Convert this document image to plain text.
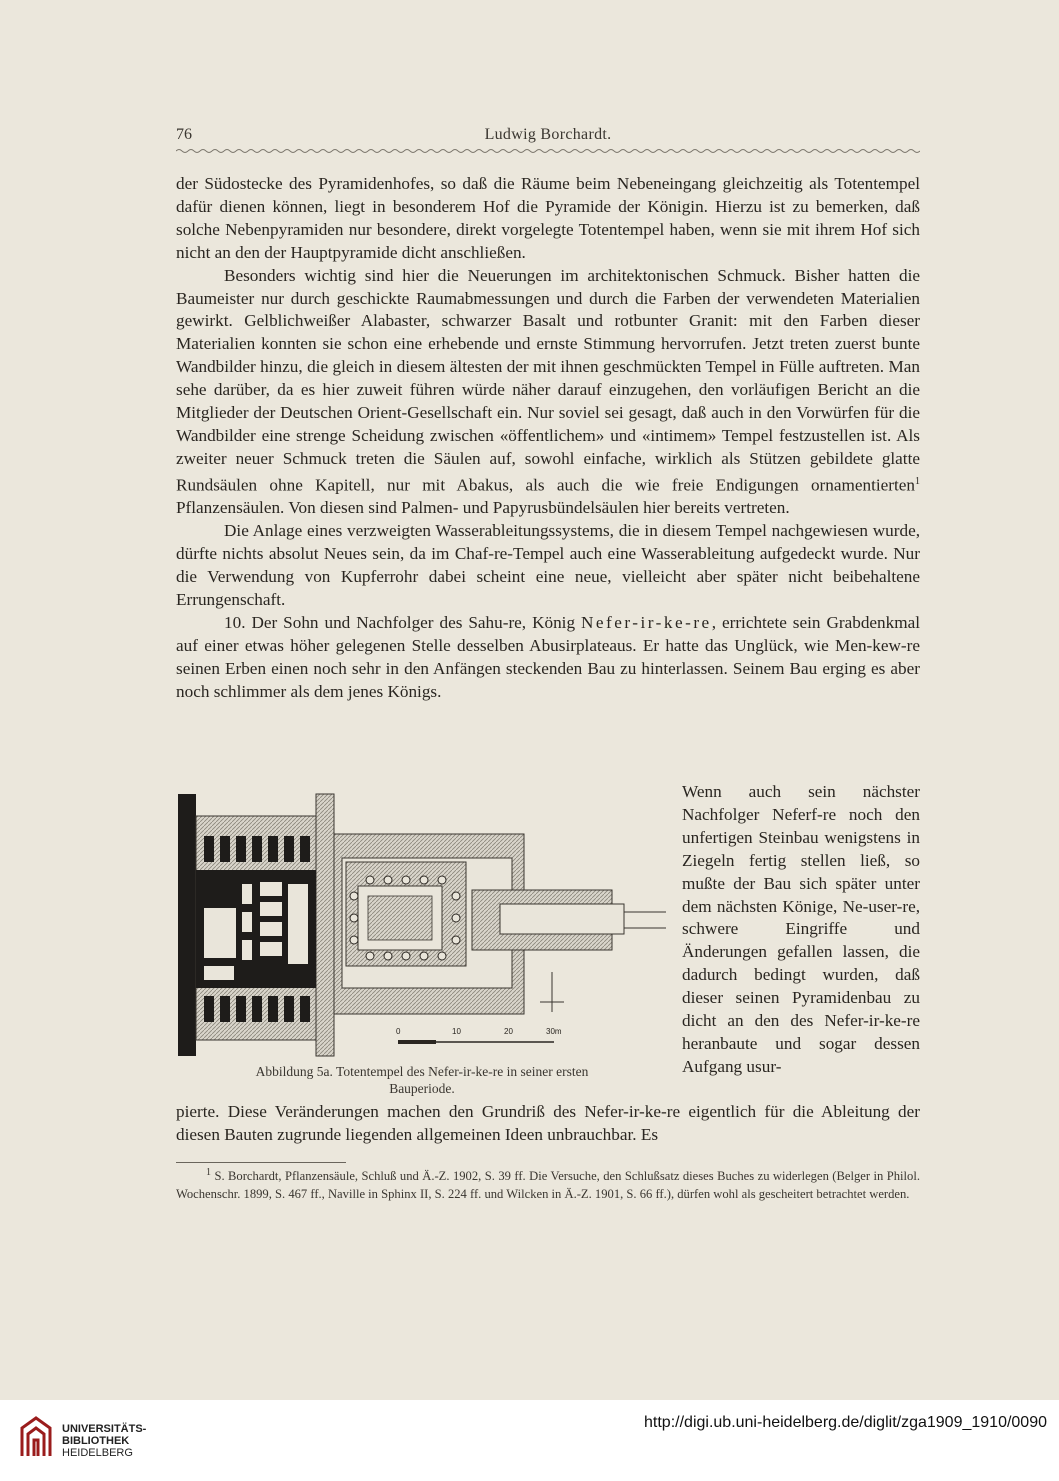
76	Ludwig Borchardt.

der Südostecke des Pyramidenhofes, so daß die Räume beim Nebeneingang gleichzeitig als Totentempel dafür dienen können, liegt in besonderem Hof die Pyramide der Königin. Hierzu ist zu bemerken, daß solche Nebenpyramiden nur besondere, direkt vorgelegte Totentempel haben, wenn sie mit ihrem Hof sich nicht an den der Hauptpyramide dicht anschließen.

Besonders wichtig sind hier die Neuerungen im architektonischen Schmuck. Bisher hatten die Baumeister nur durch geschickte Raumabmessungen und durch die Farben der verwendeten Materialien gewirkt. Gelblichweißer Alabaster, schwarzer Basalt und rotbunter Granit: mit den Farben dieser Materialien konnten sie schon eine erhebende und ernste Stimmung hervorrufen. Jetzt treten zuerst bunte Wandbilder hinzu, die gleich in diesem ältesten der mit ihnen geschmückten Tempel in Fülle auftreten. Man sehe darüber, da es hier zuweit führen würde näher darauf einzugehen, den vorläufigen Bericht an die Mitglieder der Deutschen Orient-Gesellschaft ein. Nur soviel sei gesagt, daß auch in den Vorwürfen für die Wandbilder eine strenge Scheidung zwischen «öffentlichem» und «intimem» Tempel festzustellen ist. Als zweiter neuer Schmuck treten die Säulen auf, sowohl einfache, wirklich als Stützen gebildete glatte Rundsäulen ohne Kapitell, nur mit Abakus, als auch die wie freie Endigungen ornamentierten$^1$ Pflanzensäulen. Von diesen sind Palmen- und Papyrusbündelsäulen hier bereits vertreten.

Die Anlage eines verzweigten Wasserableitungssystems, die in diesem Tempel nachgewiesen wurde, dürfte nichts absolut Neues sein, da im Chaf-re-Tempel auch eine Wasserableitung aufgedeckt wurde. Nur die Verwendung von Kupferrohr dabei scheint eine neue, vielleicht aber später nicht beibehaltene Errungenschaft.

10. Der Sohn und Nachfolger des Sahu-re, König Nefer-ir-ke-re, errichtete sein Grabdenkmal auf einer etwas höher gelegenen Stelle desselben Abusirplateaus. Er hatte das Unglück, wie Men-kew-re seinen Erben einen noch sehr in den Anfängen steckenden Bau zu hinterlassen. Seinem Bau erging es aber noch schlimmer als dem jenes Königs.

Wenn auch sein nächster Nachfolger Neferf-re noch den unfertigen Steinbau wenigstens in Ziegeln fertig stellen ließ, so mußte der Bau sich später unter dem nächsten Könige, Ne-user-re, schwere Eingriffe und Änderungen gefallen lassen, die dadurch bedingt wurden, daß dieser seinen Pyramidenbau zu dicht an den des Nefer-ir-ke-re heranbaute und sogar dessen Aufgang usur-

0	10	20	30m
Abbildung 5a. Totentempel des Nefer-ir-ke-re in seiner ersten Bauperiode.

pierte. Diese Veränderungen machen den Grundriß des Nefer-ir-ke-re eigentlich für die Ableitung der diesen Bauten zugrunde liegenden allgemeinen Ideen unbrauchbar. Es

$^1$ S. Borchardt, Pflanzensäule, Schluß und Ä.-Z. 1902, S. 39 ff. Die Versuche, den Schlußsatz dieses Buches zu widerlegen (Belger in Philol. Wochenschr. 1899, S. 467 ff., Naville in Sphinx II, S. 224 ff. und Wilcken in Ä.-Z. 1901, S. 66 ff.), dürfen wohl als gescheitert betrachtet werden.

UNIVERSITÄTS-
BIBLIOTHEK
HEIDELBERG
http://digi.ub.uni-heidelberg.de/diglit/zga1909_1910/0090
